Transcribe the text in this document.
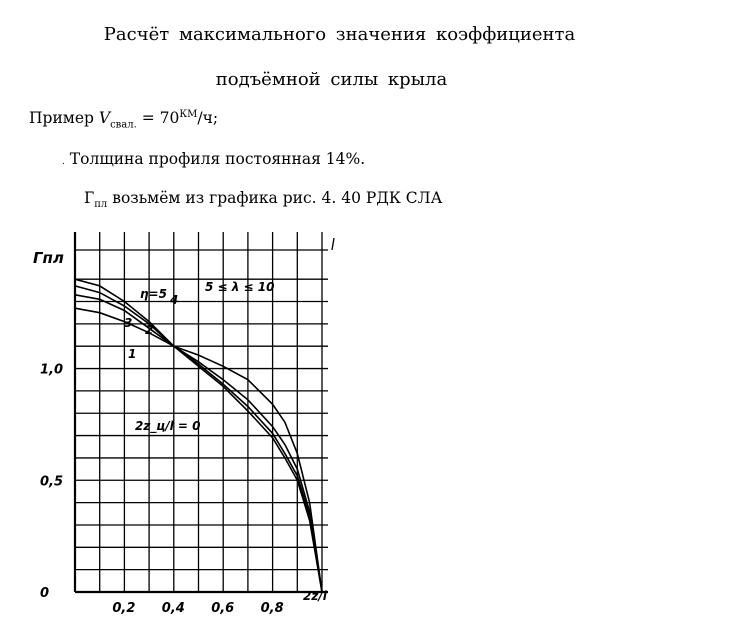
Расчёт максимального значения коэффициента
подъёмной силы крыла
Пример $V_{свал.} = 70^{КМ}/ч$;
. Толщина профиля постоянная 14%.
$Г_{пл}$ возьмём из графика рис. 4. 40 РДК СЛА
0
0,5
1,0
0,2 0,4 0,6 0,8
Гпл
2z/l
η=5	5 ≤ λ ≤ 10
2z_ц/l = 0
1
2
3
4
